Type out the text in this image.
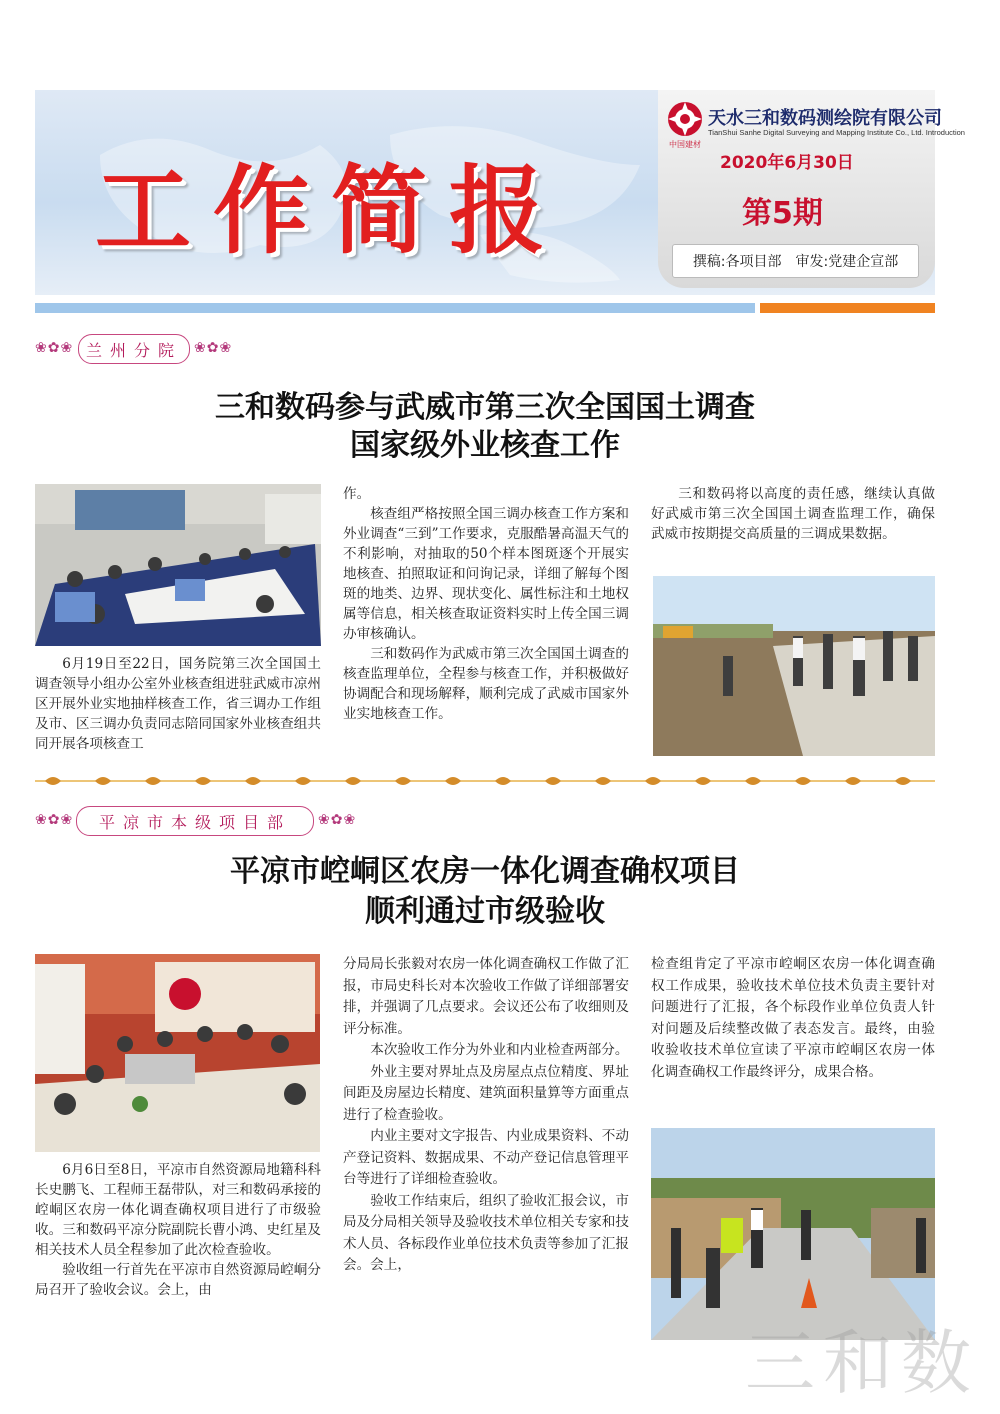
工作简报
中国建材
天水三和数码测绘院有限公司
TianShui Sanhe Digital Surveying and Mapping Institute Co., Ltd. Introduction
2020年6月30日
第5期
撰稿:各项目部 审发:党建企宣部
❀✿❀ 兰州分院 ❀✿❀
三和数码参与武威市第三次全国国土调查
国家级外业核查工作

6月19日至22日，国务院第三次全国国土调查领导小组办公室外业核查组进驻武威市凉州区开展外业实地抽样核查工作，省三调办工作组及市、区三调办负责同志陪同国家外业核查组共同开展各项核查工

作。

核查组严格按照全国三调办核查工作方案和外业调查“三到”工作要求，克服酷暑高温天气的不利影响，对抽取的50个样本图斑逐个开展实地核查、拍照取证和问询记录，详细了解每个图斑的地类、边界、现状变化、属性标注和土地权属等信息，相关核查取证资料实时上传全国三调办审核确认。

三和数码作为武威市第三次全国国土调查的核查监理单位，全程参与核查工作，并积极做好协调配合和现场解释，顺利完成了武威市国家外业实地核查工作。

三和数码将以高度的责任感，继续认真做好武威市第三次全国国土调查监理工作，确保武威市按期提交高质量的三调成果数据。

❀✿❀	平凉市本级项目部	❀✿❀
平凉市崆峒区农房一体化调查确权项目
顺利通过市级验收

6月6日至8日，平凉市自然资源局地籍科科长史鹏飞、工程师王磊带队，对三和数码承接的崆峒区农房一体化调查确权项目进行了市级验收。三和数码平凉分院副院长曹小鸿、史红星及相关技术人员全程参加了此次检查验收。

验收组一行首先在平凉市自然资源局崆峒分局召开了验收会议。会上，由

分局局长张毅对农房一体化调查确权工作做了汇报，市局史科长对本次验收工作做了详细部署安排，并强调了几点要求。会议还公布了收细则及评分标准。

本次验收工作分为外业和内业检查两部分。

外业主要对界址点及房屋点点位精度、界址间距及房屋边长精度、建筑面积量算等方面重点进行了检查验收。

内业主要对文字报告、内业成果资料、不动产登记资料、数据成果、不动产登记信息管理平台等进行了详细检查验收。

验收工作结束后，组织了验收汇报会议，市局及分局相关领导及验收技术单位相关专家和技术人员、各标段作业单位技术负责等参加了汇报会。会上，

检查组肯定了平凉市崆峒区农房一体化调查确权工作成果，验收技术单位技术负责主要针对问题进行了汇报，各个标段作业单位负责人针对问题及后续整改做了表态发言。最终，由验收验收技术单位宣读了平凉市崆峒区农房一体化调查确权工作最终评分，成果合格。

三和数
